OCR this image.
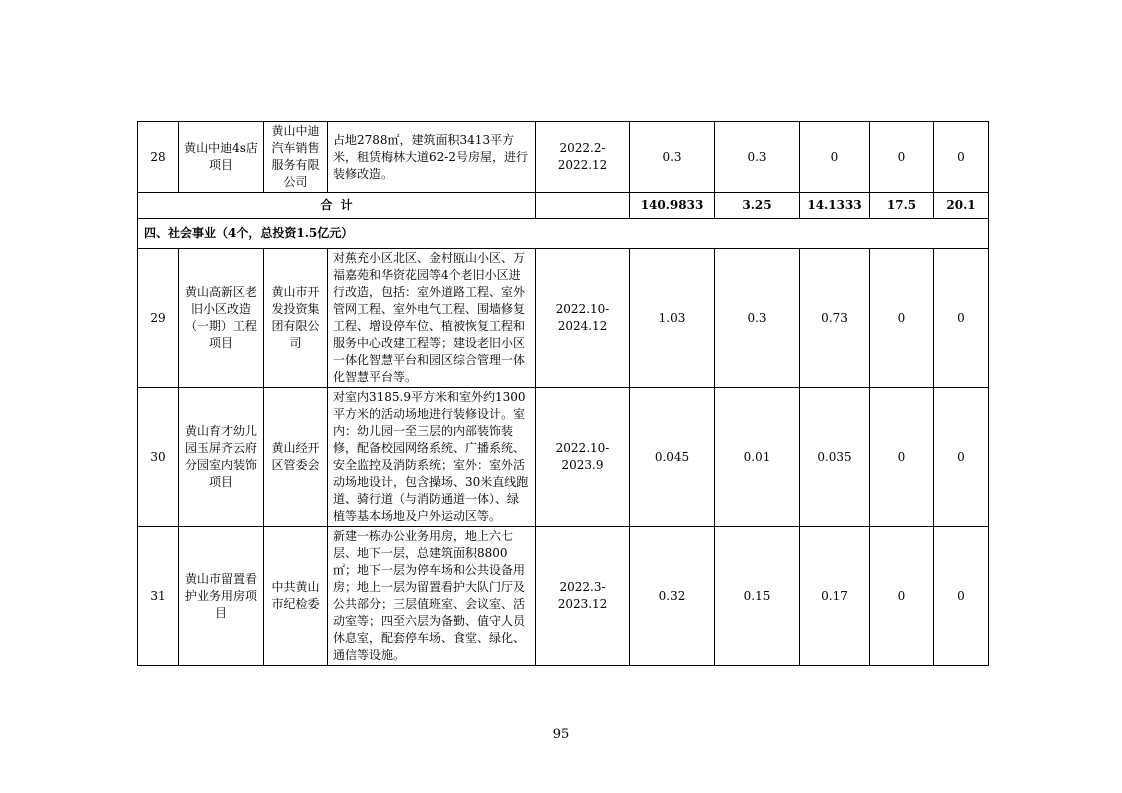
28	黄山中迪4s店项目	黄山中迪汽车销售服务有限公司	占地2788㎡，建筑面积3413平方米，租赁梅林大道62-2号房屋，进行装修改造。	2022.2-2022.12	0.3	0.3	0	0	0
合  计					140.9833	3.25	14.1333	17.5	20.1
四、社会事业（4个，总投资1.5亿元）									
29	黄山高新区老旧小区改造（一期）工程项目	黄山市开发投资集团有限公司	对蕉充小区北区、金村瓯山小区、万福嘉苑和华资花园等4个老旧小区进行改造，包括：室外道路工程、室外管网工程、室外电气工程、围墙修复工程、增设停车位、植被恢复工程和服务中心改建工程等；建设老旧小区一体化智慧平台和园区综合管理一体化智慧平台等。	2022.10-2024.12	1.03	0.3	0.73	0	0
30	黄山育才幼儿园玉屏齐云府分园室内装饰项目	黄山经开区管委会	对室内3185.9平方米和室外约1300平方米的活动场地进行装修设计。室内：幼儿园一至三层的内部装饰装修，配备校园网络系统、广播系统、安全监控及消防系统；室外：室外活动场地设计，包含操场、30米直线跑道、骑行道（与消防通道一体）、绿植等基本场地及户外运动区等。	2022.10-2023.9	0.045	0.01	0.035	0	0
31	黄山市留置看护业务用房项目	中共黄山市纪检委	新建一栋办公业务用房，地上六七层、地下一层，总建筑面积8800㎡；地下一层为停车场和公共设备用房；地上一层为留置看护大队门厅及公共部分；三层值班室、会议室、活动室等；四至六层为备勤、值守人员休息室，配套停车场、食堂、绿化、通信等设施。	2022.3-2023.12	0.32	0.15	0.17	0	0
95
